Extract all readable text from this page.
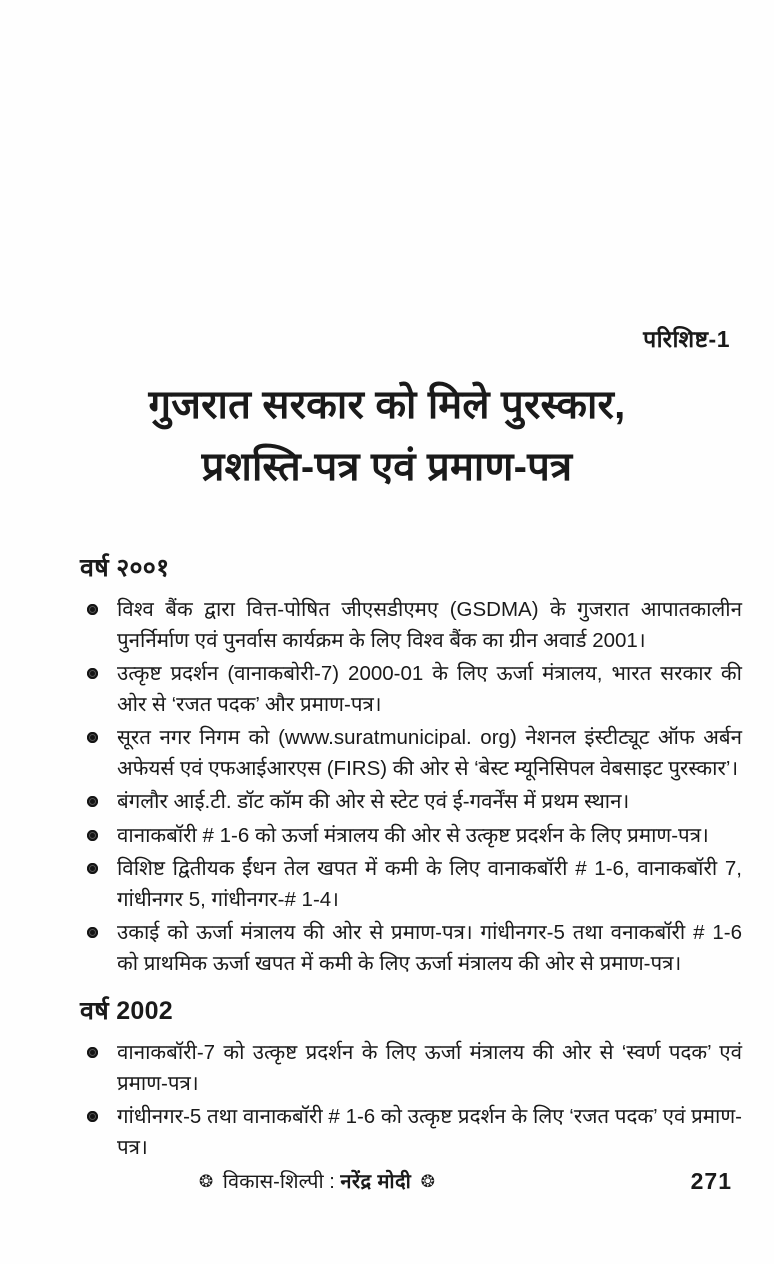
परिशिष्ट-1
गुजरात सरकार को मिले पुरस्कार,
प्रशस्ति-पत्र एवं प्रमाण-पत्र
वर्ष २००१
विश्व बैंक द्वारा वित्त-पोषित जीएसडीएमए (GSDMA) के गुजरात आपातकालीन पुनर्निर्माण एवं पुनर्वास कार्यक्रम के लिए विश्व बैंक का ग्रीन अवार्ड 2001।
उत्कृष्ट प्रदर्शन (वानाकबोरी-7) 2000-01 के लिए ऊर्जा मंत्रालय, भारत सरकार की ओर से ‘रजत पदक’ और प्रमाण-पत्र।
सूरत नगर निगम को (www.suratmunicipal. org) नेशनल इंस्टीट्यूट ऑफ अर्बन अफेयर्स एवं एफआईआरएस (FIRS) की ओर से ‘बेस्ट म्यूनिसिपल वेबसाइट पुरस्कार’।
बंगलौर आई.टी. डॉट कॉम की ओर से स्टेट एवं ई-गवर्नेंस में प्रथम स्थान।
वानाकबॉरी # 1-6 को ऊर्जा मंत्रालय की ओर से उत्कृष्ट प्रदर्शन के लिए प्रमाण-पत्र।
विशिष्ट द्वितीयक ईंधन तेल खपत में कमी के लिए वानाकबॉरी # 1-6, वानाकबॉरी 7, गांधीनगर 5, गांधीनगर-# 1-4।
उकाई को ऊर्जा मंत्रालय की ओर से प्रमाण-पत्र। गांधीनगर-5 तथा वनाकबॉरी # 1-6 को प्राथमिक ऊर्जा खपत में कमी के लिए ऊर्जा मंत्रालय की ओर से प्रमाण-पत्र।
वर्ष 2002
वानाकबॉरी-7 को उत्कृष्ट प्रदर्शन के लिए ऊर्जा मंत्रालय की ओर से ‘स्वर्ण पदक’ एवं प्रमाण-पत्र।
गांधीनगर-5 तथा वानाकबॉरी # 1-6 को उत्कृष्ट प्रदर्शन के लिए ‘रजत पदक’ एवं प्रमाण-पत्र।
❂ विकास-शिल्पी : नरेंद्र मोदी ❂	271
